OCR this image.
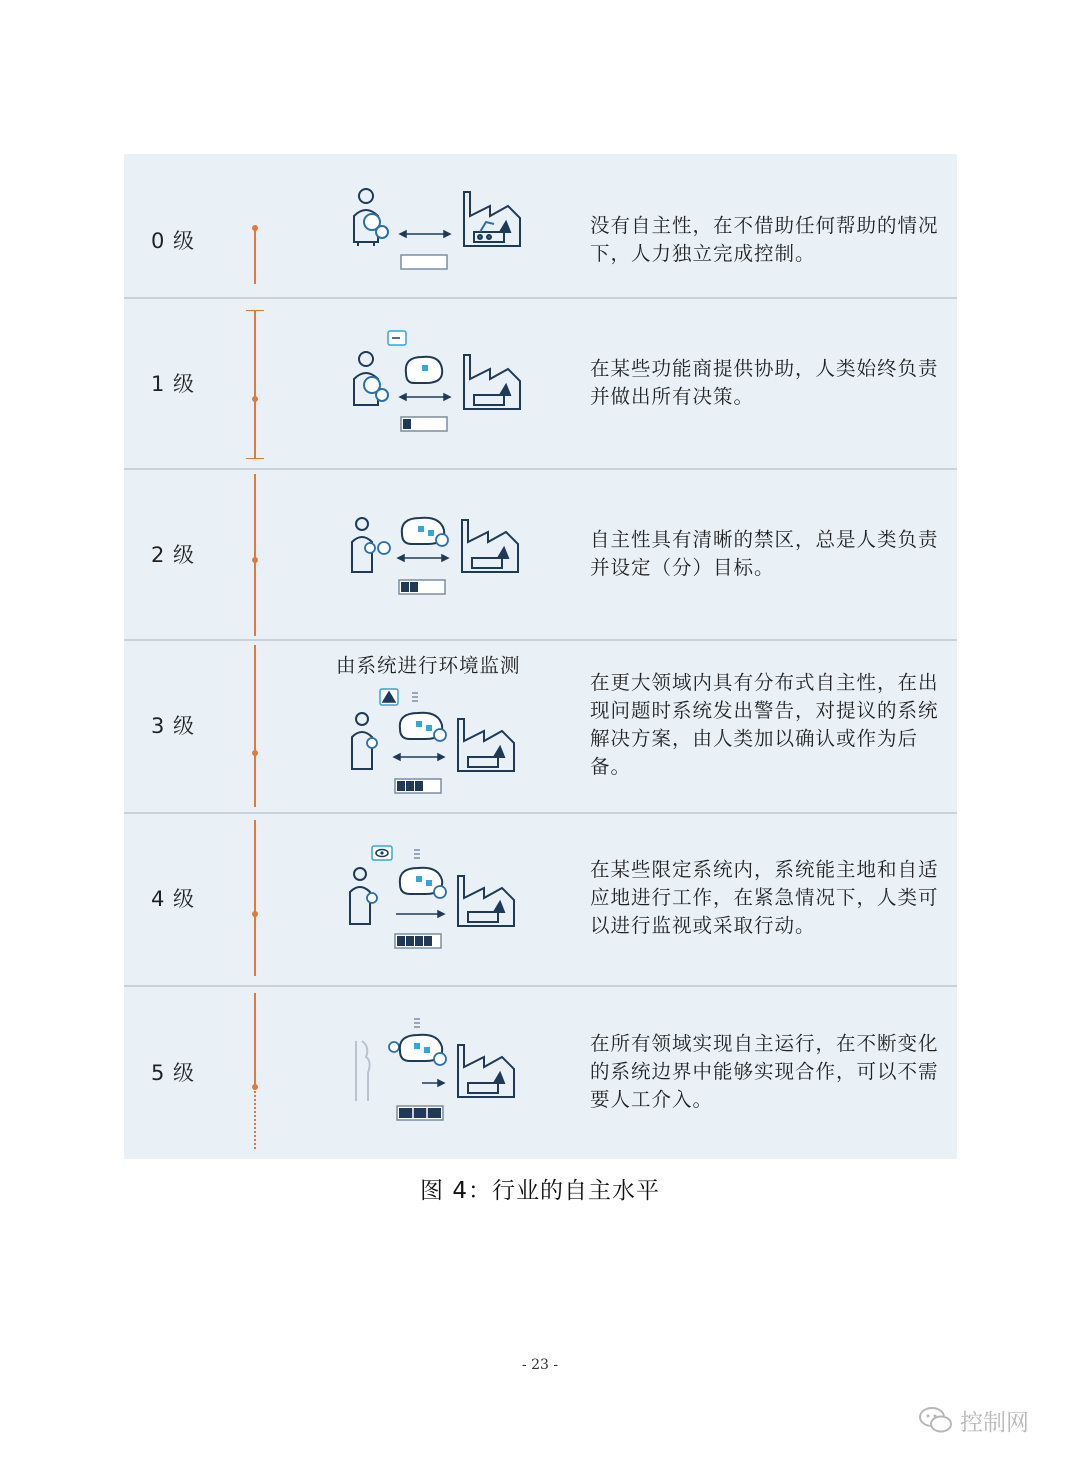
0 级
没有自主性，在不借助任何帮助的情况下，人力独立完成控制。
1 级
在某些功能商提供协助，人类始终负责并做出所有决策。
2 级
自主性具有清晰的禁区，总是人类负责并设定（分）目标。
3 级
在更大领域内具有分布式自主性，在出现问题时系统发出警告，对提议的系统解决方案，由人类加以确认或作为后备。
4 级
在某些限定系统内，系统能主地和自适应地进行工作，在紧急情况下，人类可以进行监视或采取行动。
5 级
在所有领域实现自主运行，在不断变化的系统边界中能够实现合作，可以不需要人工介入。
由系统进行环境监测
图 4：行业的自主水平
- 23 -
控制网
